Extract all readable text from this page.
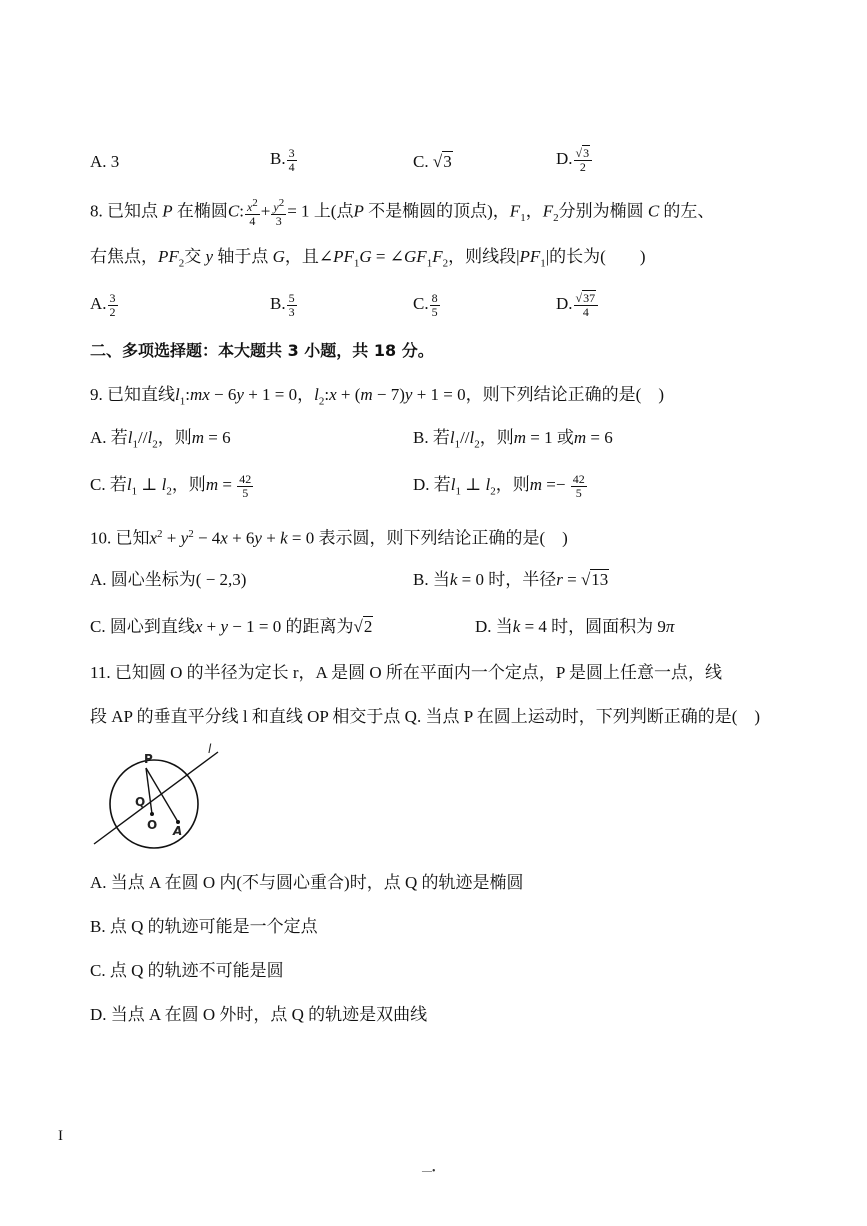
A. 3	B. $\frac{3}{4}$	C. √3	D. $\frac{√3}{2}$
8. 已知点 P 在椭圆C: $\frac{x^2}{4} + \frac{y^2}{3} = 1$ 上(点P 不是椭圆的顶点)，$F_1$，$F_2$分别为椭圆 C 的左、
右焦点，$PF_2$交 y 轴于点 G，且$\angle PF_1G$ = $\angle GF_1F_2$，则线段$|PF_1|$的长为(　　)
A. $\frac{3}{2}$	B. $\frac{5}{3}$	C. $\frac{8}{5}$	D. $\frac{√37}{4}$
二、多项选择题：本大题共 3 小题，共 18 分。
9. 已知直线$l_1:mx - 6y + 1 = 0$，$l_2:x + (m - 7)y + 1 = 0$，则下列结论正确的是(　)
A. 若$l_1//l_2$，则m = 6	B. 若$l_1//l_2$，则m = 1 或m = 6
C. 若$l_1$ ⊥ $l_2$，则$m = \frac{42}{5}$	D. 若$l_1$ ⊥ $l_2$，则$m =- \frac{42}{5}$
10. 已知$x^2 + y^2 - 4x + 6y + k = 0$ 表示圆，则下列结论正确的是(　)
A. 圆心坐标为( − 2,3)	B. 当k = 0 时，半径r = √13
C. 圆心到直线x + y − 1 = 0 的距离为√2	D. 当k = 4 时，圆面积为 9π
11. 已知圆 O 的半径为定长 r，A 是圆 O 所在平面内一个定点，P 是圆上任意一点，线
段 AP 的垂直平分线 l 和直线 OP 相交于点 Q. 当点 P 在圆上运动时，下列判断正确的是(　)
P
l
Q
O A
A. 当点 A 在圆 O 内(不与圆心重合)时，点 Q 的轨迹是椭圆
B. 点 Q 的轨迹可能是一个定点
C. 点 Q 的轨迹不可能是圆
D. 当点 A 在圆 O 外时，点 Q 的轨迹是双曲线
I
—•
